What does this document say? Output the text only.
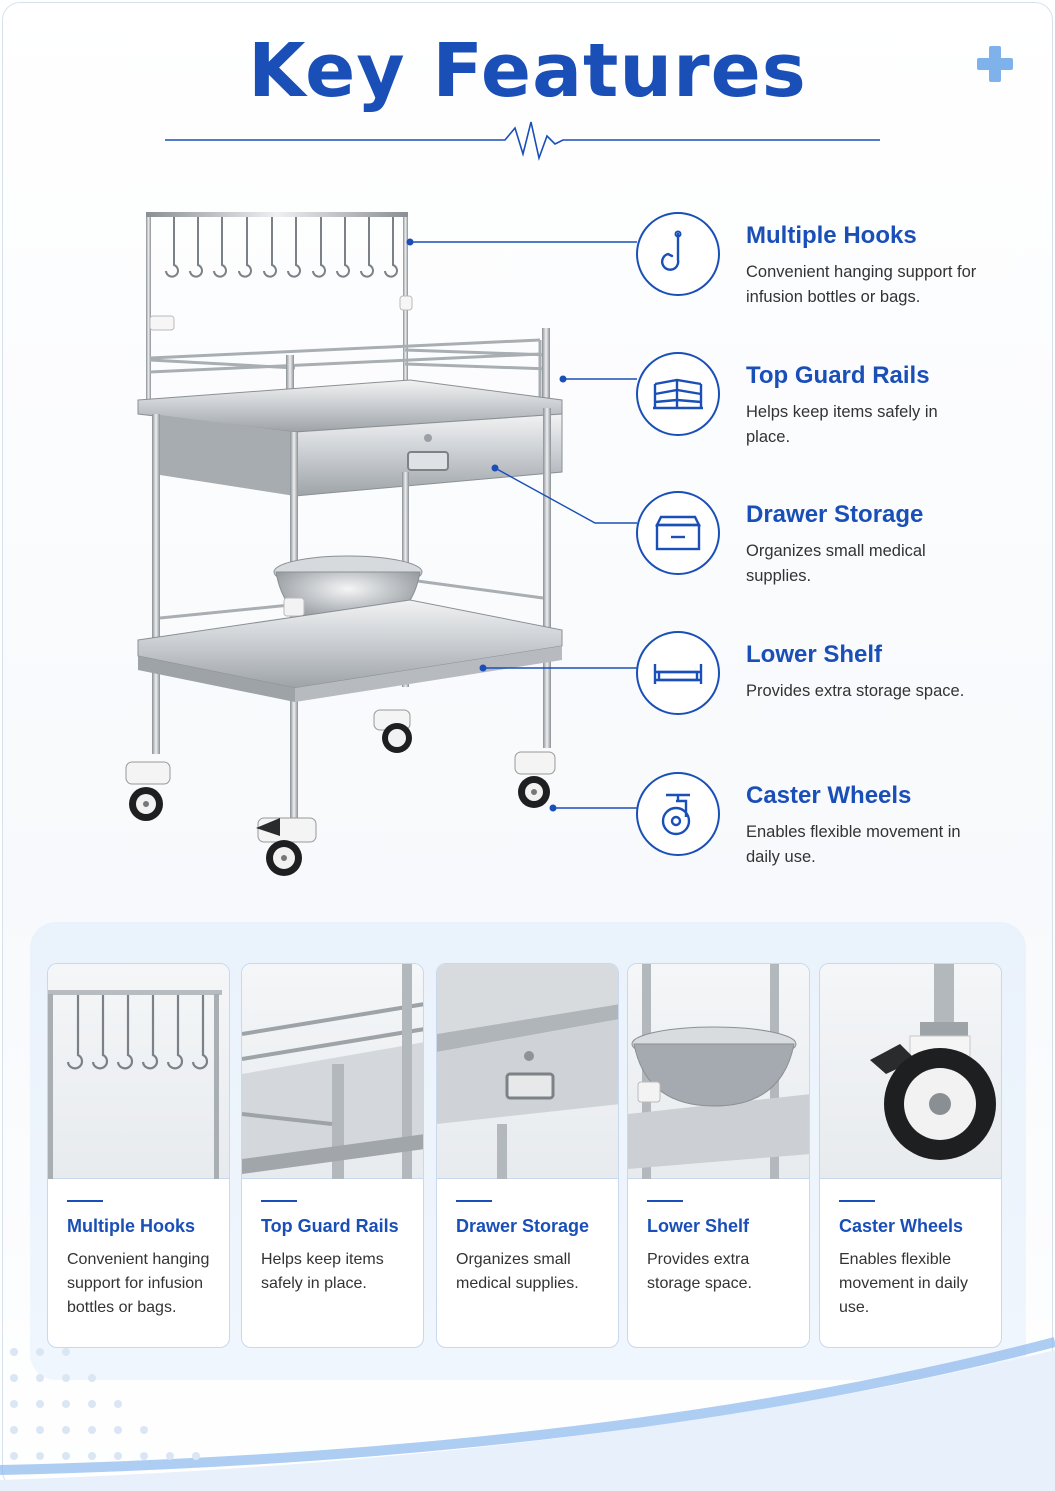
Key Features
Multiple Hooks
Convenient hanging support for infusion bottles or bags.
Top Guard Rails
Helps keep items safely in place.
Drawer Storage
Organizes small medical supplies.
Lower Shelf
Provides extra storage space.
Caster Wheels
Enables flexible movement in daily use.
Multiple Hooks
Convenient hanging support for infusion bottles or bags.
Top Guard Rails
Helps keep items safely in place.
Drawer Storage
Organizes small medical supplies.
Lower Shelf
Provides extra storage space.
Caster Wheels
Enables flexible movement in daily use.
